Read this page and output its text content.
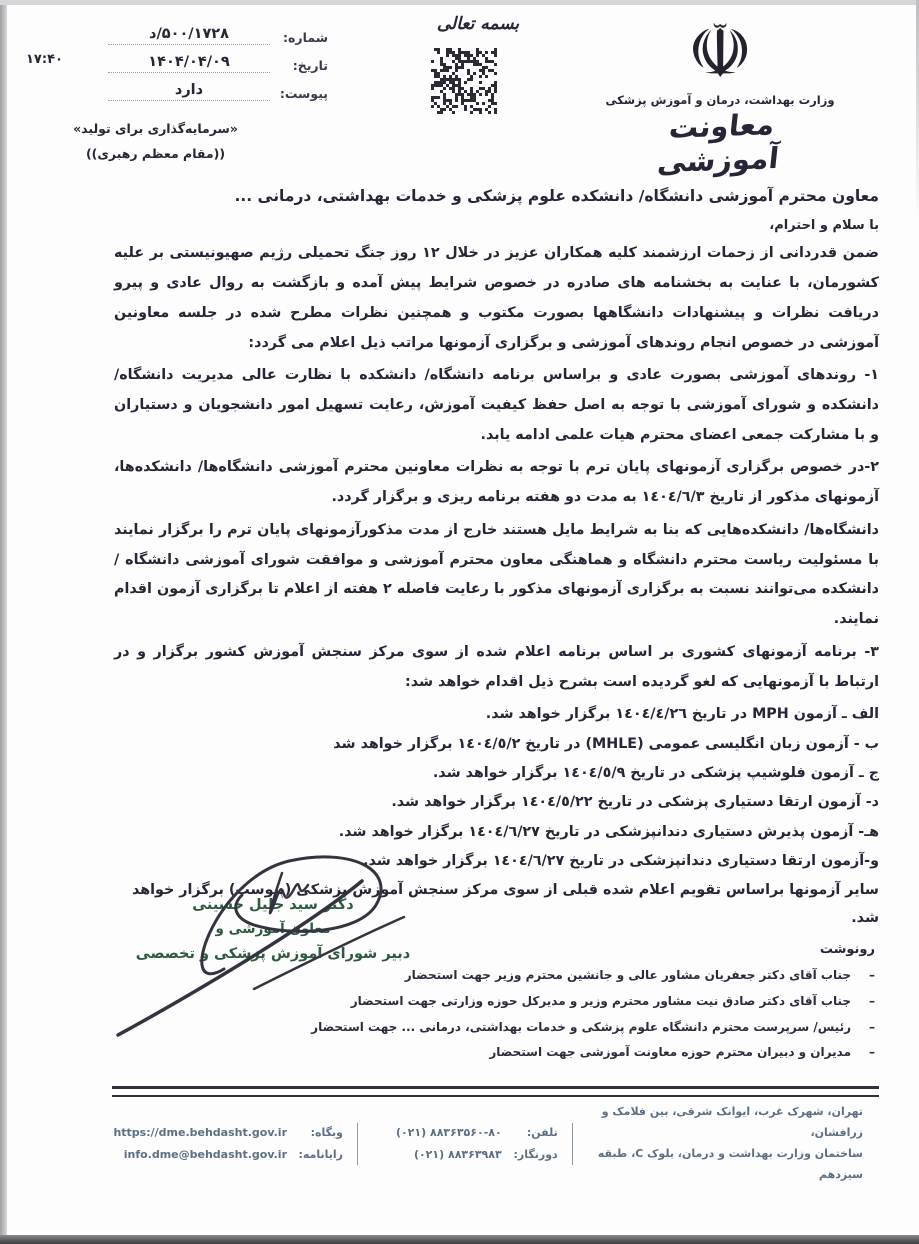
شماره:
۵۰۰/۱۷۲۸/د
تاریخ:
۱۴۰۴/۰۴/۰۹
پیوست:
دارد
۱۷:۴۰
«سرمایه‌گذاری برای تولید»
((مقام معظم رهبری))
بسمه تعالی	☫
وزارت بهداشت، درمان و آموزش پزشکی
معاونت آموزشی
معاون محترم آموزشی دانشگاه/ دانشکده علوم پزشکی و خدمات بهداشتی، درمانی ...
با سلام و احترام،
ضمن قدردانی از زحمات ارزشمند کلیه همکاران عزیز در خلال ۱۲ روز جنگ تحمیلی رژیم صهیونیستی بر علیه کشورمان، با عنایت به بخشنامه های صادره در خصوص شرایط پیش آمده و بازگشت به روال عادی و پیرو دریافت نظرات و پیشنهادات دانشگاهها بصورت مکتوب و همچنین نظرات مطرح شده در جلسه معاونین آموزشی در خصوص انجام روندهای آموزشی و برگزاری آزمونها مراتب ذیل اعلام می گردد:
۱- روندهای آموزشی بصورت عادی و براساس برنامه دانشگاه/ دانشکده با نظارت عالی مدیریت دانشگاه/ دانشکده و شورای آموزشی با توجه به اصل حفظ کیفیت آموزش، رعایت تسهیل امور دانشجویان و دستیاران و با مشارکت جمعی اعضای محترم هیات علمی ادامه یابد.
۲-در خصوص برگزاری آزمونهای پایان ترم با توجه به نظرات معاونین محترم آموزشی دانشگاه‌ها/ دانشکده‌ها، آزمونهای مذکور از تاریخ ١٤٠٤/٦/٣ به مدت دو هفته برنامه ریزی و برگزار گردد.
دانشگاه‌ها/ دانشکده‌هایی که بنا به شرایط مایل هستند خارج از مدت مذکورآزمونهای پایان ترم را برگزار نمایند با مسئولیت ریاست محترم دانشگاه و هماهنگی معاون محترم آموزشی و موافقت شورای آموزشی دانشگاه / دانشکده می‌توانند نسبت به برگزاری آزمونهای مذکور با رعایت فاصله ۲ هفته از اعلام تا برگزاری آزمون اقدام نمایند.
۳- برنامه آزمونهای کشوری بر اساس برنامه اعلام شده از سوی مرکز سنجش آموزش کشور برگزار و در ارتباط با آزمونهایی که لغو گردیده است بشرح ذیل اقدام خواهد شد:
الف ـ آزمون MPH در تاریخ ١٤٠٤/٤/٢٦ برگزار خواهد شد.
ب - آزمون زبان انگلیسی عمومی (MHLE) در تاریخ ١٤٠٤/٥/٢ برگزار خواهد شد
ج ـ آزمون فلوشیپ پزشکی در تاریخ ١٤٠٤/٥/٩ برگزار خواهد شد.
د- آزمون ارتقا دستیاری پزشکی در تاریخ ١٤٠٤/٥/٢٢ برگزار خواهد شد.
هـ- آزمون پذیرش دستیاری دندانپزشکی در تاریخ ١٤٠٤/٦/٢٧ برگزار خواهد شد.
و-آزمون ارتقا دستیاری دندانپزشکی در تاریخ ١٤٠٤/٦/٢٧ برگزار خواهد شد.
سایر آزمونها براساس تقویم اعلام شده قبلی از سوی مرکز سنجش آموزش پزشکی (پیوست) برگزار خواهد شد.
دکتر سید جلیل حسینی
معاون آموزشی و
دبیر شورای آموزش پزشکی و تخصصی	رونوشت
–
جناب آقای دکتر جعفریان مشاور عالی و جانشین محترم وزیر جهت استحضار
–
جناب آقای دکتر صادق نیت مشاور محترم وزیر و مدیرکل حوزه وزارتی جهت استحضار
–
رئیس/ سرپرست محترم دانشگاه علوم پزشکی و خدمات بهداشتی، درمانی ... جهت استحضار
–
مدیران و دبیران محترم حوزه معاونت آموزشی جهت استحضار
تهران، شهرک غرب، ایوانک شرقی، بین فلامک و زرافشان،
ساختمان وزارت بهداشت و درمان، بلوک C، طبقه سیزدهم
تلفن:
۸۸۳۶۳۵۶۰-۸۰ (۰۲۱)
دورنگار:
۸۸۳۶۳۹۸۳ (۰۲۱)
وبگاه:
https://dme.behdasht.gov.ir
رایانامه:
info.dme@behdasht.gov.ir
